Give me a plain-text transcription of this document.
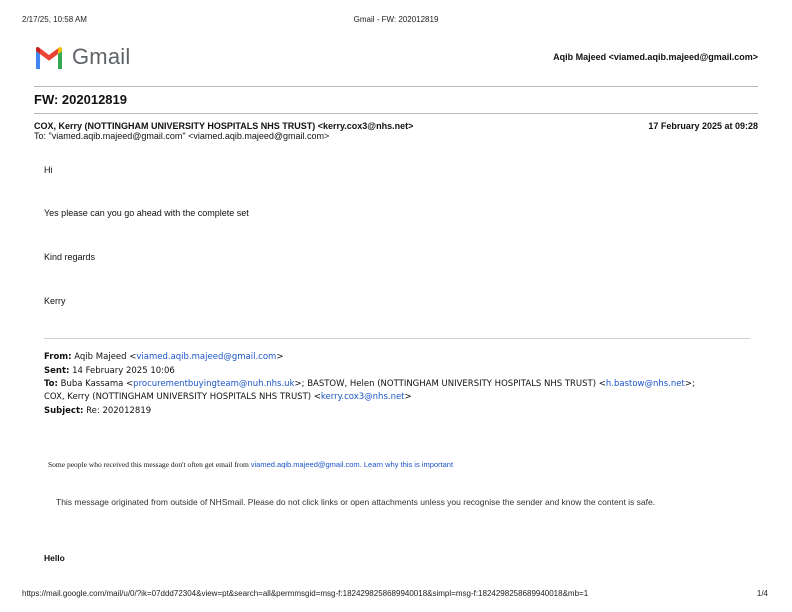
2/17/25, 10:58 AM	Gmail - FW: 202012819
Gmail	Aqib Majeed <viamed.aqib.majeed@gmail.com>
FW: 202012819
COX, Kerry (NOTTINGHAM UNIVERSITY HOSPITALS NHS TRUST) <kerry.cox3@nhs.net>	17 February 2025 at 09:28
To: "viamed.aqib.majeed@gmail.com" <viamed.aqib.majeed@gmail.com>
Hi
Yes please can you go ahead with the complete set
Kind regards
Kerry
From: Aqib Majeed <viamed.aqib.majeed@gmail.com>
Sent: 14 February 2025 10:06
To: Buba Kassama <procurementbuyingteam@nuh.nhs.uk>; BASTOW, Helen (NOTTINGHAM UNIVERSITY HOSPITALS NHS TRUST) <h.bastow@nhs.net>;
COX, Kerry (NOTTINGHAM UNIVERSITY HOSPITALS NHS TRUST) <kerry.cox3@nhs.net>
Subject: Re: 202012819
Some people who received this message don't often get email from viamed.aqib.majeed@gmail.com. Learn why this is important
This message originated from outside of NHSmail. Please do not click links or open attachments unless you recognise the sender and know the content is safe.
Hello
https://mail.google.com/mail/u/0/?ik=07ddd72304&view=pt&search=all&permmsgid=msg-f:1824298258689940018&simpl=msg-f:1824298258689940018&mb=1	1/4
